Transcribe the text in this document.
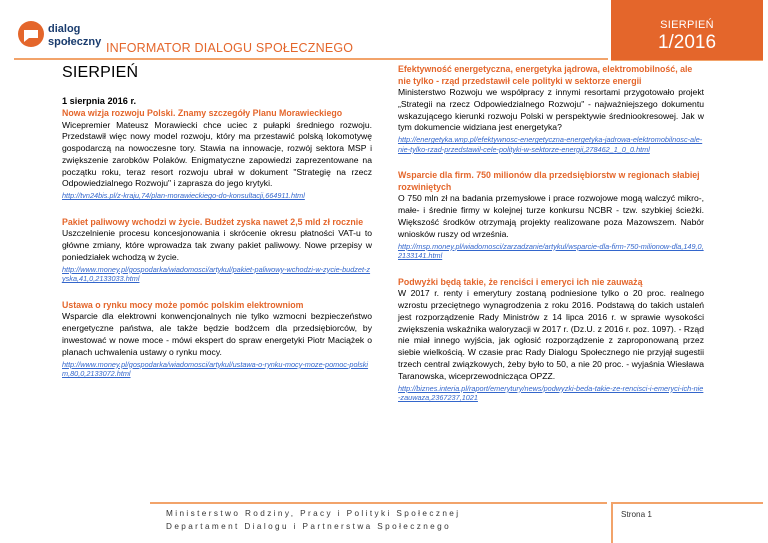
dialog
społeczny INFORMATOR DIALOGU SPOŁECZNEGO
SIERPIEŃ
1/2016
SIERPIEŃ
1 sierpnia 2016 r.
Nowa wizja rozwoju Polski. Znamy szczegóły Planu Morawieckiego
Wicepremier Mateusz Morawiecki chce uciec z pułapki średniego rozwoju. Przedstawił więc nowy model rozwoju, który ma przestawić polską lokomotywę gospodarczą na nowoczesne tory. Stawia na innowacje, rozwój sektora MSP i zwiększenie zarobków Polaków. Enigmatyczne zapowiedzi zaprezentowane na początku roku, teraz resort rozwoju ubrał w dokument "Strategię na rzecz Odpowiedzialnego Rozwoju" i zaprasza do jego krytyki.
http://tvn24bis.pl/z-kraju,74/plan-morawieckiego-do-konsultacji,664911.html
Pakiet paliwowy wchodzi w życie. Budżet zyska nawet 2,5 mld zł rocznie
Uszczelnienie procesu koncesjonowania i skrócenie okresu płatności VAT-u to główne zmiany, które wprowadza tak zwany pakiet paliwowy. Nowe przepisy w poniedziałek wchodzą w życie.
http://www.money.pl/gospodarka/wiadomosci/artykul/pakiet-paliwowy-wchodzi-w-zycie-budzet-zyska,41,0,2133033.html
Ustawa o rynku mocy może pomóc polskim elektrowniom
Wsparcie dla elektrowni konwencjonalnych nie tylko wzmocni bezpieczeństwo energetyczne państwa, ale także będzie bodźcem dla przedsiębiorców, by inwestować w nowe moce - mówi ekspert do spraw energetyki Piotr Maciążek o planach uchwalenia ustawy o rynku mocy.
http://www.money.pl/gospodarka/wiadomosci/artykul/ustawa-o-rynku-mocy-moze-pomoc-polskim,80,0,2133072.html
Efektywność energetyczna, energetyka jądrowa, elektromobilność, ale nie tylko - rząd przedstawił cele polityki w sektorze energii
Ministerstwo Rozwoju we współpracy z innymi resortami przygotowało projekt „Strategii na rzecz Odpowiedzialnego Rozwoju" - najważniejszego dokumentu wskazującego kierunki rozwoju Polski w perspektywie średniookresowej. Jak w tym dokumencie widziana jest energetyka?
http://energetyka.wnp.pl/efektywnosc-energetyczna-energetyka-jadrowa-elektromobilnosc-ale-nie-tylko-rzad-przedstawil-cele-polityki-w-sektorze-energii,278462_1_0_0.html
Wsparcie dla firm. 750 milionów dla przedsiębiorstw w regionach słabiej rozwiniętych
O 750 mln zł na badania przemysłowe i prace rozwojowe mogą walczyć mikro-, małe- i średnie firmy w kolejnej turze konkursu NCBR - tzw. szybkiej ścieżki. Większość środków otrzymają projekty realizowane poza Mazowszem. Nabór wniosków ruszy od września.
http://msp.money.pl/wiadomosci/zarzadzanie/artykul/wsparcie-dla-firm-750-milionow-dla,149,0,2133141.html
Podwyżki będą takie, że renciści i emeryci ich nie zauważą
W 2017 r. renty i emerytury zostaną podniesione tylko o 20 proc. realnego wzrostu przeciętnego wynagrodzenia z roku 2016. Podstawą do takich ustaleń jest rozporządzenie Rady Ministrów z 14 lipca 2016 r. w sprawie wysokości zwiększenia wskaźnika waloryzacji w 2017 r. (Dz.U. z 2016 r. poz. 1097). - Rząd nie miał innego wyjścia, jak ogłosić rozporządzenie z zaproponowaną przez siebie wielkością. W czasie prac Rady Dialogu Społecznego nie przyjął sugestii trzech central związkowych, żeby było to 50, a nie 20 proc. - wyjaśnia Wiesława Taranowska, wiceprzewodnicząca OPZZ.
http://biznes.interia.pl/raport/emerytury/news/podwyzki-beda-takie-ze-rencisci-i-emeryci-ich-nie-zauwaza,2367237,1021
Ministerstwo Rodziny, Pracy i Polityki Społecznej
Departament Dialogu i Partnerstwa Społecznego
Strona 1
